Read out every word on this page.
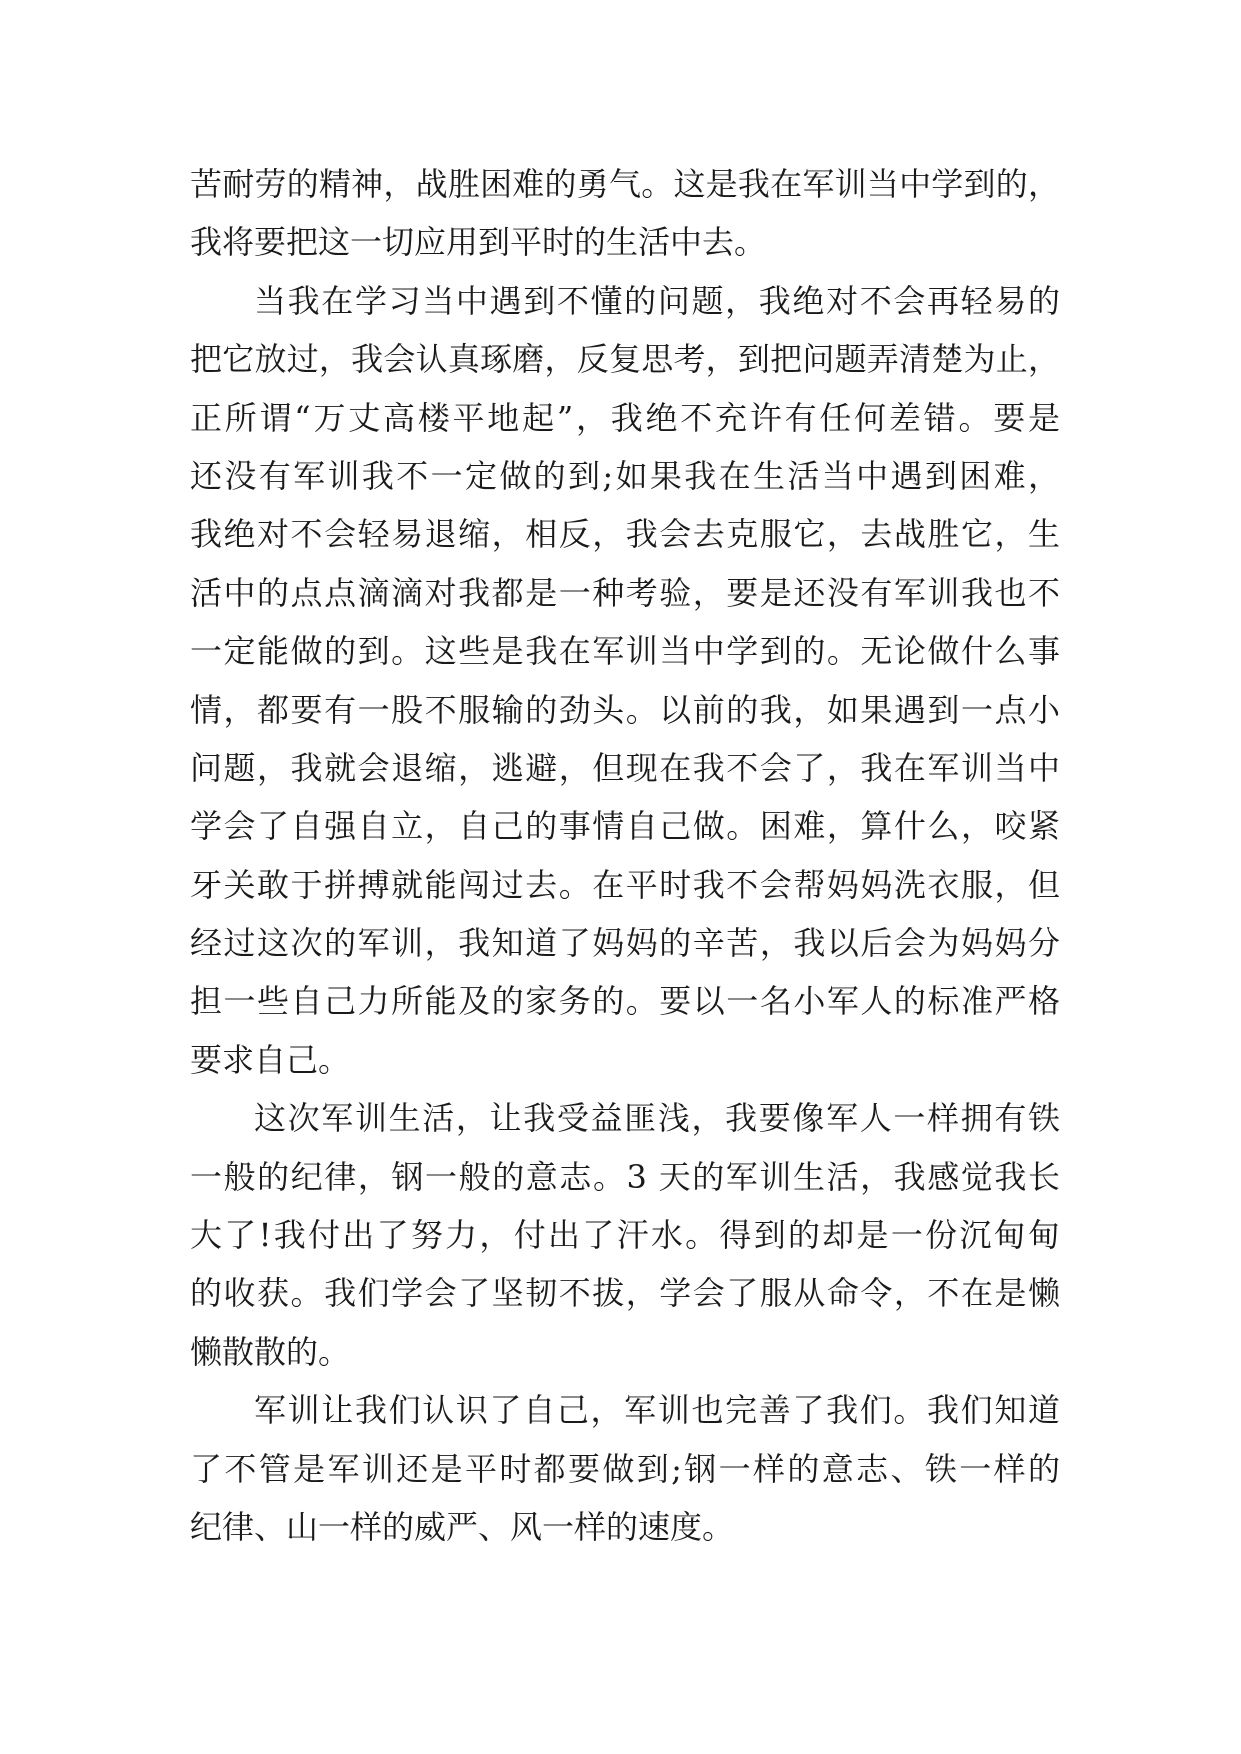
苦耐劳的精神，战胜困难的勇气。这是我在军训当中学到的，
我将要把这一切应用到平时的生活中去。
当我在学习当中遇到不懂的问题，我绝对不会再轻易的
把它放过，我会认真琢磨，反复思考，到把问题弄清楚为止，
正所谓“万丈高楼平地起”，我绝不充许有任何差错。要是
还没有军训我不一定做的到;如果我在生活当中遇到困难，
我绝对不会轻易退缩，相反，我会去克服它，去战胜它，生
活中的点点滴滴对我都是一种考验，要是还没有军训我也不
一定能做的到。这些是我在军训当中学到的。无论做什么事
情，都要有一股不服输的劲头。以前的我，如果遇到一点小
问题，我就会退缩，逃避，但现在我不会了，我在军训当中
学会了自强自立，自己的事情自己做。困难，算什么，咬紧
牙关敢于拼搏就能闯过去。在平时我不会帮妈妈洗衣服，但
经过这次的军训，我知道了妈妈的辛苦，我以后会为妈妈分
担一些自己力所能及的家务的。要以一名小军人的标准严格
要求自己。
这次军训生活，让我受益匪浅，我要像军人一样拥有铁
一般的纪律，钢一般的意志。3 天的军训生活，我感觉我长
大了!我付出了努力，付出了汗水。得到的却是一份沉甸甸
的收获。我们学会了坚韧不拔，学会了服从命令，不在是懒
懒散散的。
军训让我们认识了自己，军训也完善了我们。我们知道
了不管是军训还是平时都要做到;钢一样的意志、铁一样的
纪律、山一样的威严、风一样的速度。
